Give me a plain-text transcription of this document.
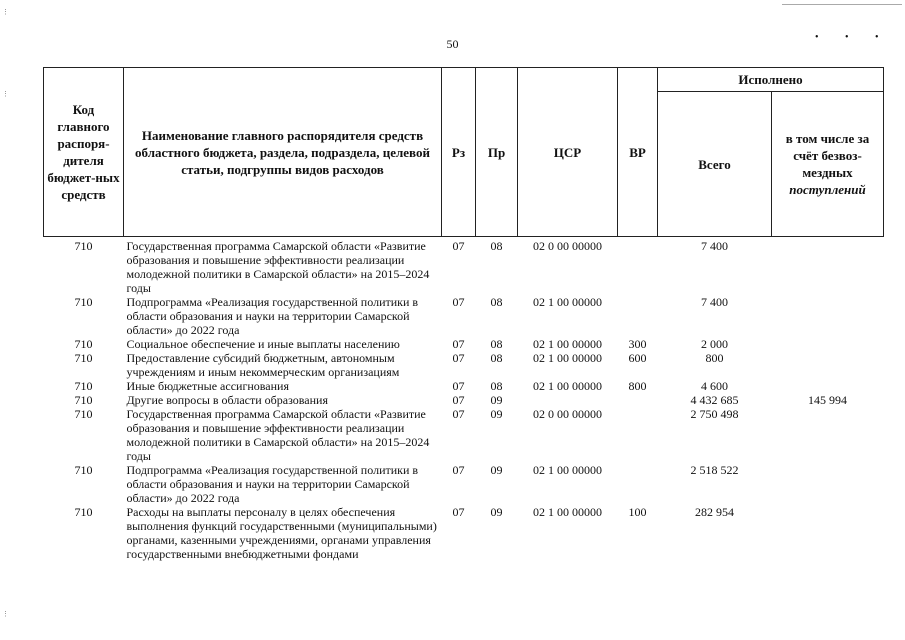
• • •
⋮
⋮
⋮
50
Код главного распоря-дителя бюджет-ных средств	Наименование главного распорядителя средств областного бюджета, раздела, подраздела, целевой статьи, подгруппы видов расходов	Рз	Пр	ЦСР	ВР	Исполнено	
						Всего	в том числе за счёт безвоз-мездных поступлений
710	Государственная программа Самарской области «Развитие образования и повышение эффективности реализации молодежной политики в Самарской области» на 2015–2024 годы	07	08	02 0 00 00000		7 400	
710	Подпрограмма «Реализация государственной политики в области образования и науки на территории Самарской области» до 2022 года	07	08	02 1 00 00000		7 400	
710	Социальное обеспечение и иные выплаты населению	07	08	02 1 00 00000	300	2 000	
710	Предоставление субсидий бюджетным, автономным учреждениям и иным некоммерческим организациям	07	08	02 1 00 00000	600	800	
710	Иные бюджетные ассигнования	07	08	02 1 00 00000	800	4 600	
710	Другие вопросы в области образования	07	09			4 432 685	145 994
710	Государственная программа Самарской области «Развитие образования и повышение эффективности реализации молодежной политики в Самарской области» на 2015–2024 годы	07	09	02 0 00 00000		2 750 498	
710	Подпрограмма «Реализация государственной политики в области образования и науки на территории Самарской области» до 2022 года	07	09	02 1 00 00000		2 518 522	
710	Расходы на выплаты персоналу в целях обеспечения выполнения функций государственными (муниципальными) органами, казенными учреждениями, органами управления государственными внебюджетными фондами	07	09	02 1 00 00000	100	282 954	
